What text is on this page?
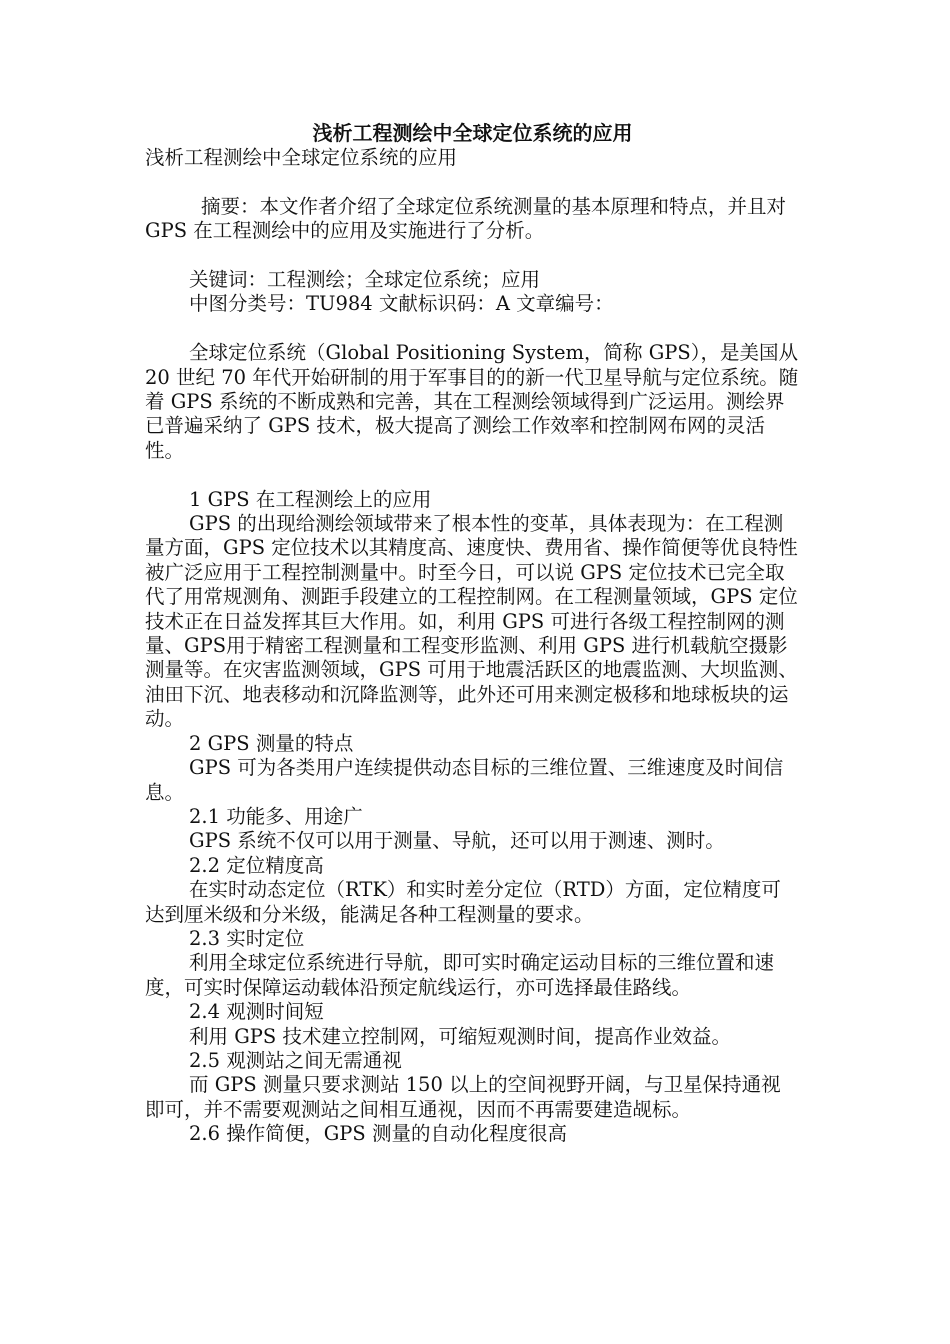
浅析工程测绘中全球定位系统的应用

浅析工程测绘中全球定位系统的应用

摘要：本文作者介绍了全球定位系统测量的基本原理和特点，并且对 GPS 在工程测绘中的应用及实施进行了分析。

关键词：工程测绘；全球定位系统；应用

中图分类号：TU984 文献标识码：A 文章编号：

全球定位系统（Global Positioning System，简称 GPS），是美国从 20 世纪 70 年代开始研制的用于军事目的的新一代卫星导航与定位系统。随着 GPS 系统的不断成熟和完善，其在工程测绘领域得到广泛运用。测绘界已普遍采纳了 GPS 技术，极大提高了测绘工作效率和控制网布网的灵活性。

1 GPS 在工程测绘上的应用

GPS 的出现给测绘领域带来了根本性的变革，具体表现为：在工程测量方面，GPS 定位技术以其精度高、速度快、费用省、操作简便等优良特性被广泛应用于工程控制测量中。时至今日，可以说 GPS 定位技术已完全取代了用常规测角、测距手段建立的工程控制网。在工程测量领域，GPS 定位技术正在日益发挥其巨大作用。如，利用 GPS 可进行各级工程控制网的测量、GPS用于精密工程测量和工程变形监测、利用 GPS 进行机载航空摄影测量等。在灾害监测领域，GPS 可用于地震活跃区的地震监测、大坝监测、油田下沉、地表移动和沉降监测等，此外还可用来测定极移和地球板块的运动。

2 GPS 测量的特点

GPS 可为各类用户连续提供动态目标的三维位置、三维速度及时间信息。

2.1 功能多、用途广

GPS 系统不仅可以用于测量、导航，还可以用于测速、测时。

2.2 定位精度高

在实时动态定位（RTK）和实时差分定位（RTD）方面，定位精度可达到厘米级和分米级，能满足各种工程测量的要求。

2.3 实时定位

利用全球定位系统进行导航，即可实时确定运动目标的三维位置和速度，可实时保障运动载体沿预定航线运行，亦可选择最佳路线。

2.4 观测时间短

利用 GPS 技术建立控制网，可缩短观测时间，提高作业效益。

2.5 观测站之间无需通视

而 GPS 测量只要求测站 150 以上的空间视野开阔，与卫星保持通视即可，并不需要观测站之间相互通视，因而不再需要建造觇标。

2.6 操作简便，GPS 测量的自动化程度很高
